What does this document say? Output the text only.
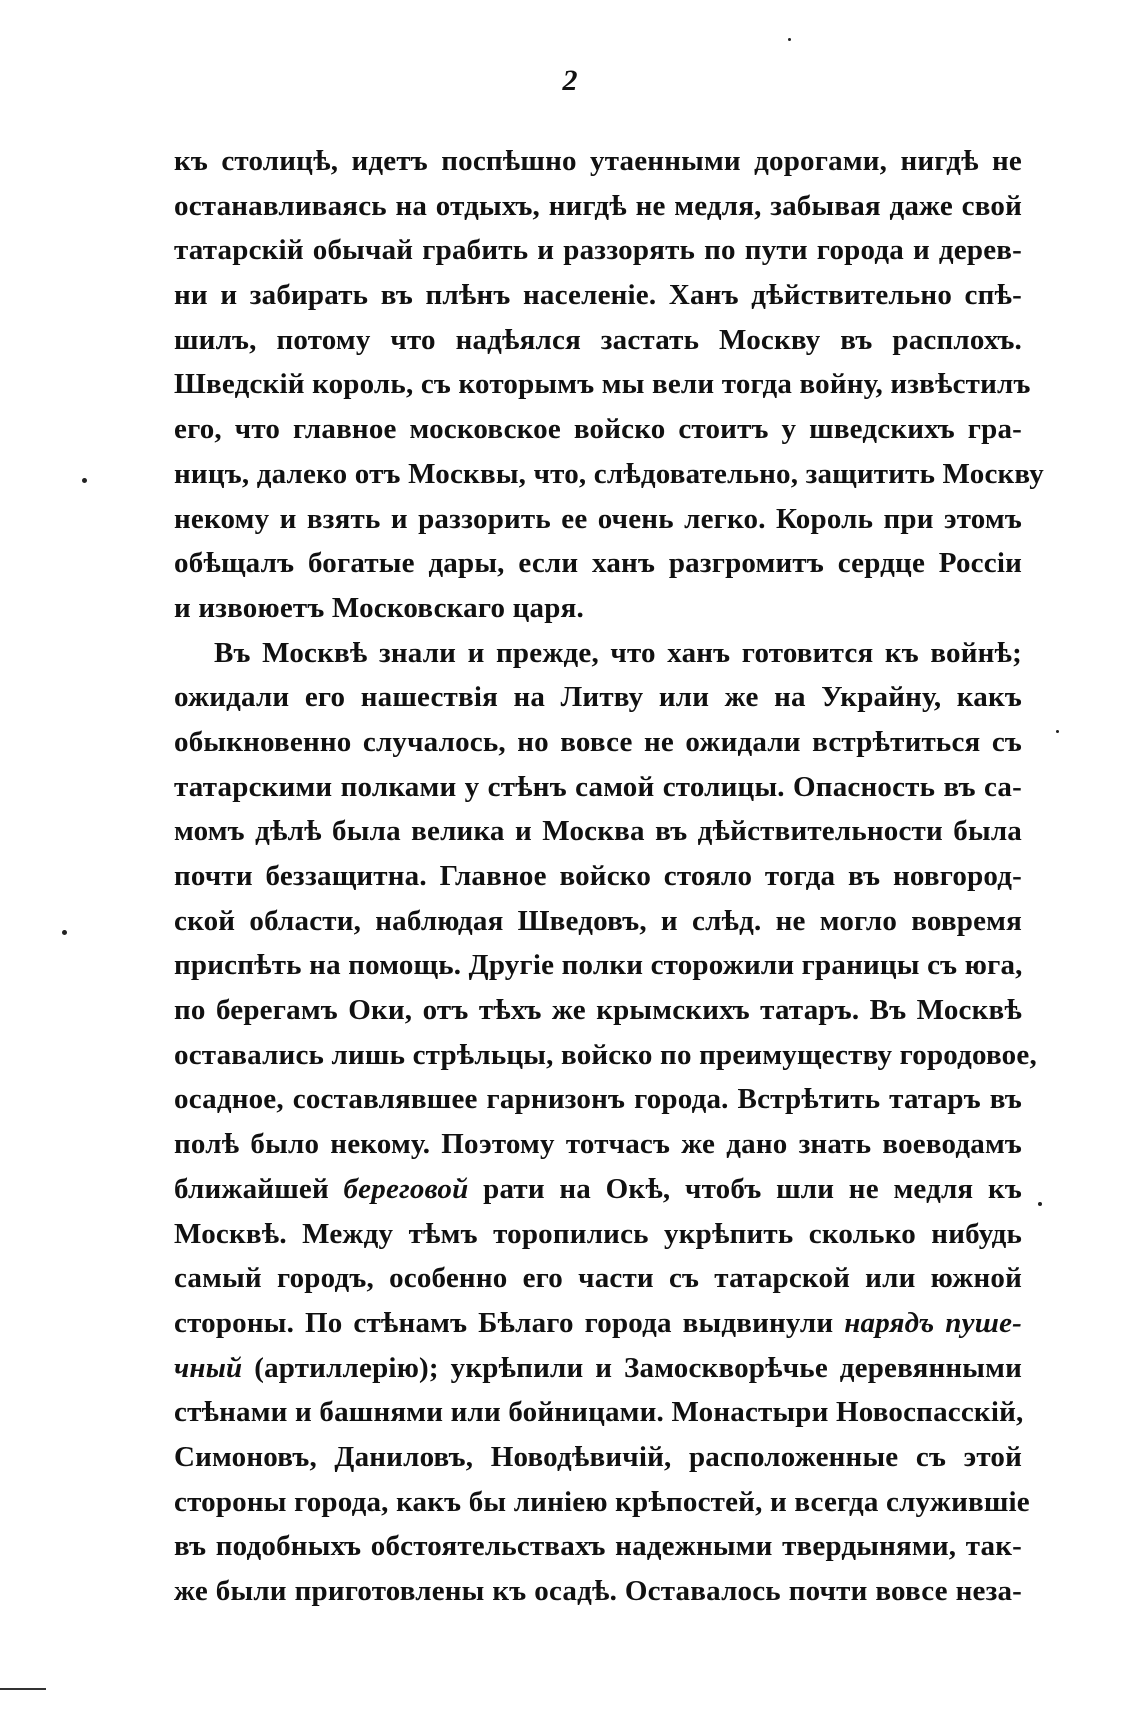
2
къ столицѣ, идетъ поспѣшно утаенными дорогами, нигдѣ не
останавливаясь на отдыхъ, нигдѣ не медля, забывая даже свой
татарскій обычай грабить и раззорять по пути города и дерев-
ни и забирать въ плѣнъ населеніе. Ханъ дѣйствительно спѣ-
шилъ, потому что надѣялся застать Москву въ расплохъ.
Шведскій король, съ которымъ мы вели тогда войну, извѣстилъ
его, что главное московское войско стоитъ у шведскихъ гра-
ницъ, далеко отъ Москвы, что, слѣдовательно, защитить Москву
некому и взять и раззорить ее очень легко. Король при этомъ
обѣщалъ богатые дары, если ханъ разгромитъ сердце Россіи
и извоюетъ Московскаго царя.
Въ Москвѣ знали и прежде, что ханъ готовится къ войнѣ;
ожидали его нашествія на Литву или же на Украйну, какъ
обыкновенно случалось, но вовсе не ожидали встрѣтиться съ
татарскими полками у стѣнъ самой столицы. Опасность въ са-
момъ дѣлѣ была велика и Москва въ дѣйствительности была
почти беззащитна. Главное войско стояло тогда въ новгород-
ской области, наблюдая Шведовъ, и слѣд. не могло вовремя
приспѣть на помощь. Другіе полки сторожили границы съ юга,
по берегамъ Оки, отъ тѣхъ же крымскихъ татаръ. Въ Москвѣ
оставались лишь стрѣльцы, войско по преимуществу городовое,
осадное, составлявшее гарнизонъ города. Встрѣтить татаръ въ
полѣ было некому. Поэтому тотчасъ же дано знать воеводамъ
ближайшей береговой рати на Окѣ, чтобъ шли не медля къ
Москвѣ. Между тѣмъ торопились укрѣпить сколько нибудь
самый городъ, особенно его части съ татарской или южной
стороны. По стѣнамъ Бѣлаго города выдвинули нарядъ пуше-
чный (артиллерію); укрѣпили и Замоскворѣчье деревянными
стѣнами и башнями или бойницами. Монастыри Новоспасскій,
Симоновъ, Даниловъ, Новодѣвичій, расположенные съ этой
стороны города, какъ бы линіею крѣпостей, и всегда служившіе
въ подобныхъ обстоятельствахъ надежными твердынями, так-
же были приготовлены къ осадѣ. Оставалось почти вовсе неза-
